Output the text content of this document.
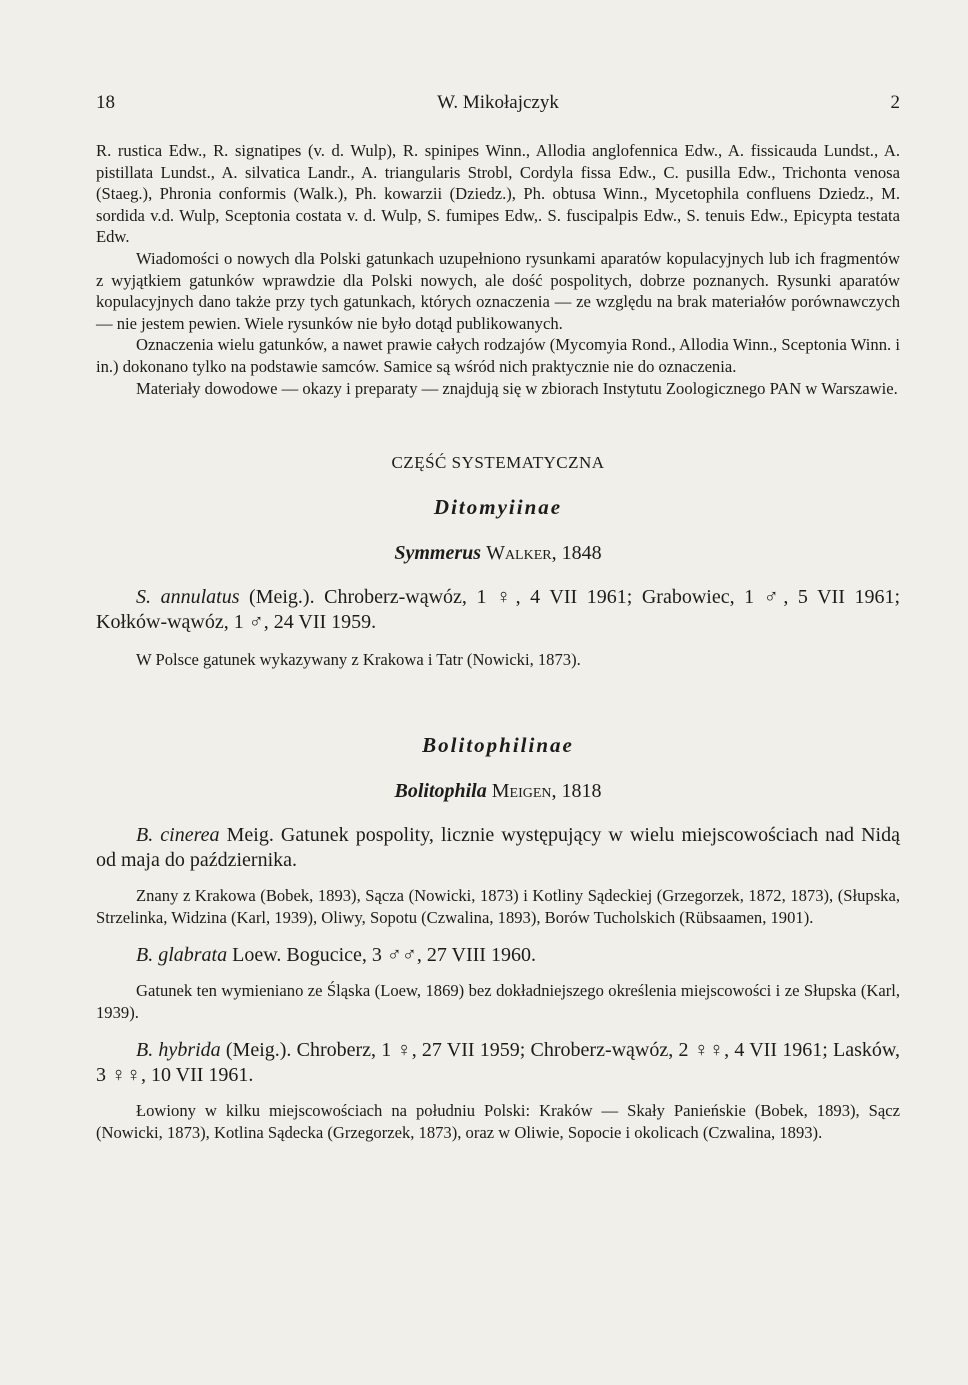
18	W. Mikołajczyk	2

R. rustica Edw., R. signatipes (v. d. Wulp), R. spinipes Winn., Allodia anglofennica Edw., A. fissicauda Lundst., A. pistillata Lundst., A. silvatica Landr., A. triangularis Strobl, Cordyla fissa Edw., C. pusilla Edw., Trichonta venosa (Staeg.), Phronia conformis (Walk.), Ph. kowarzii (Dziedz.), Ph. obtusa Winn., Mycetophila confluens Dziedz., M. sordida v.d. Wulp, Sceptonia costata v. d. Wulp, S. fumipes Edw,. S. fuscipalpis Edw., S. tenuis Edw., Epicypta testata Edw.

Wiadomości o nowych dla Polski gatunkach uzupełniono rysunkami aparatów kopulacyjnych lub ich fragmentów z wyjątkiem gatunków wprawdzie dla Polski nowych, ale dość pospolitych, dobrze poznanych. Rysunki aparatów kopulacyjnych dano także przy tych gatunkach, których oznaczenia — ze względu na brak materiałów porównawczych — nie jestem pewien. Wiele rysunków nie było dotąd publikowanych.

Oznaczenia wielu gatunków, a nawet prawie całych rodzajów (Mycomyia Rond., Allodia Winn., Sceptonia Winn. i in.) dokonano tylko na podstawie samców. Samice są wśród nich praktycznie nie do oznaczenia.

Materiały dowodowe — okazy i preparaty — znajdują się w zbiorach Instytutu Zoologicznego PAN w Warszawie.

CZĘŚĆ SYSTEMATYCZNA

Ditomyiinae

Symmerus Walker, 1848

S. annulatus (Meig.). Chroberz-wąwóz, 1 ♀, 4 VII 1961; Grabowiec, 1 ♂, 5 VII 1961; Kołków-wąwóz, 1 ♂, 24 VII 1959.

W Polsce gatunek wykazywany z Krakowa i Tatr (Nowicki, 1873).

Bolitophilinae

Bolitophila Meigen, 1818

B. cinerea Meig. Gatunek pospolity, licznie występujący w wielu miejscowościach nad Nidą od maja do października.

Znany z Krakowa (Bobek, 1893), Sącza (Nowicki, 1873) i Kotliny Sądeckiej (Grzegorzek, 1872, 1873), (Słupska, Strzelinka, Widzina (Karl, 1939), Oliwy, Sopotu (Czwalina, 1893), Borów Tucholskich (Rübsaamen, 1901).

B. glabrata Loew. Bogucice, 3 ♂♂, 27 VIII 1960.

Gatunek ten wymieniano ze Śląska (Loew, 1869) bez dokładniejszego określenia miejscowości i ze Słupska (Karl, 1939).

B. hybrida (Meig.). Chroberz, 1 ♀, 27 VII 1959; Chroberz-wąwóz, 2 ♀♀, 4 VII 1961; Lasków, 3 ♀♀, 10 VII 1961.

Łowiony w kilku miejscowościach na południu Polski: Kraków — Skały Panieńskie (Bobek, 1893), Sącz (Nowicki, 1873), Kotlina Sądecka (Grzegorzek, 1873), oraz w Oliwie, Sopocie i okolicach (Czwalina, 1893).
